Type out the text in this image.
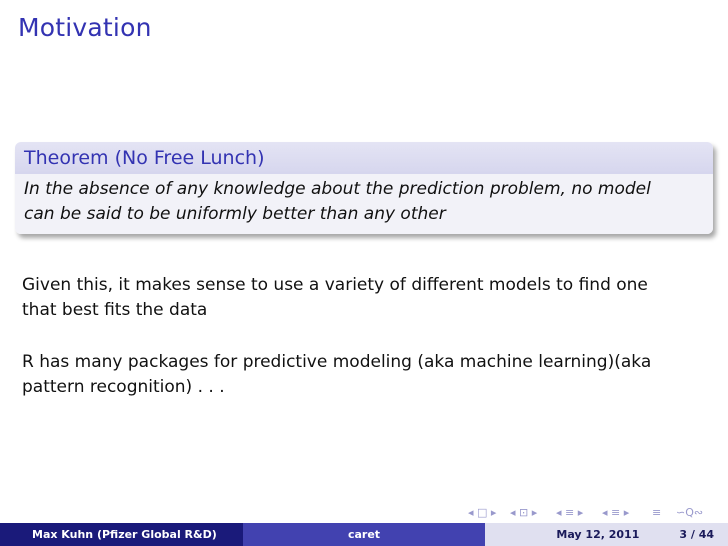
Motivation
Theorem (No Free Lunch)
In the absence of any knowledge about the prediction problem, no model
can be said to be uniformly better than any other
Given this, it makes sense to use a variety of different models to find one
that best fits the data
R has many packages for predictive modeling (aka machine learning)(aka
pattern recognition) . . .
◂ □ ▸ ◂ ⊡ ▸ ◂ ≡ ▸ ◂ ≡ ▸ ≡ ∽Q∾
Max Kuhn (Pfizer Global R&D)	caret	May 12, 2011	3 / 44
